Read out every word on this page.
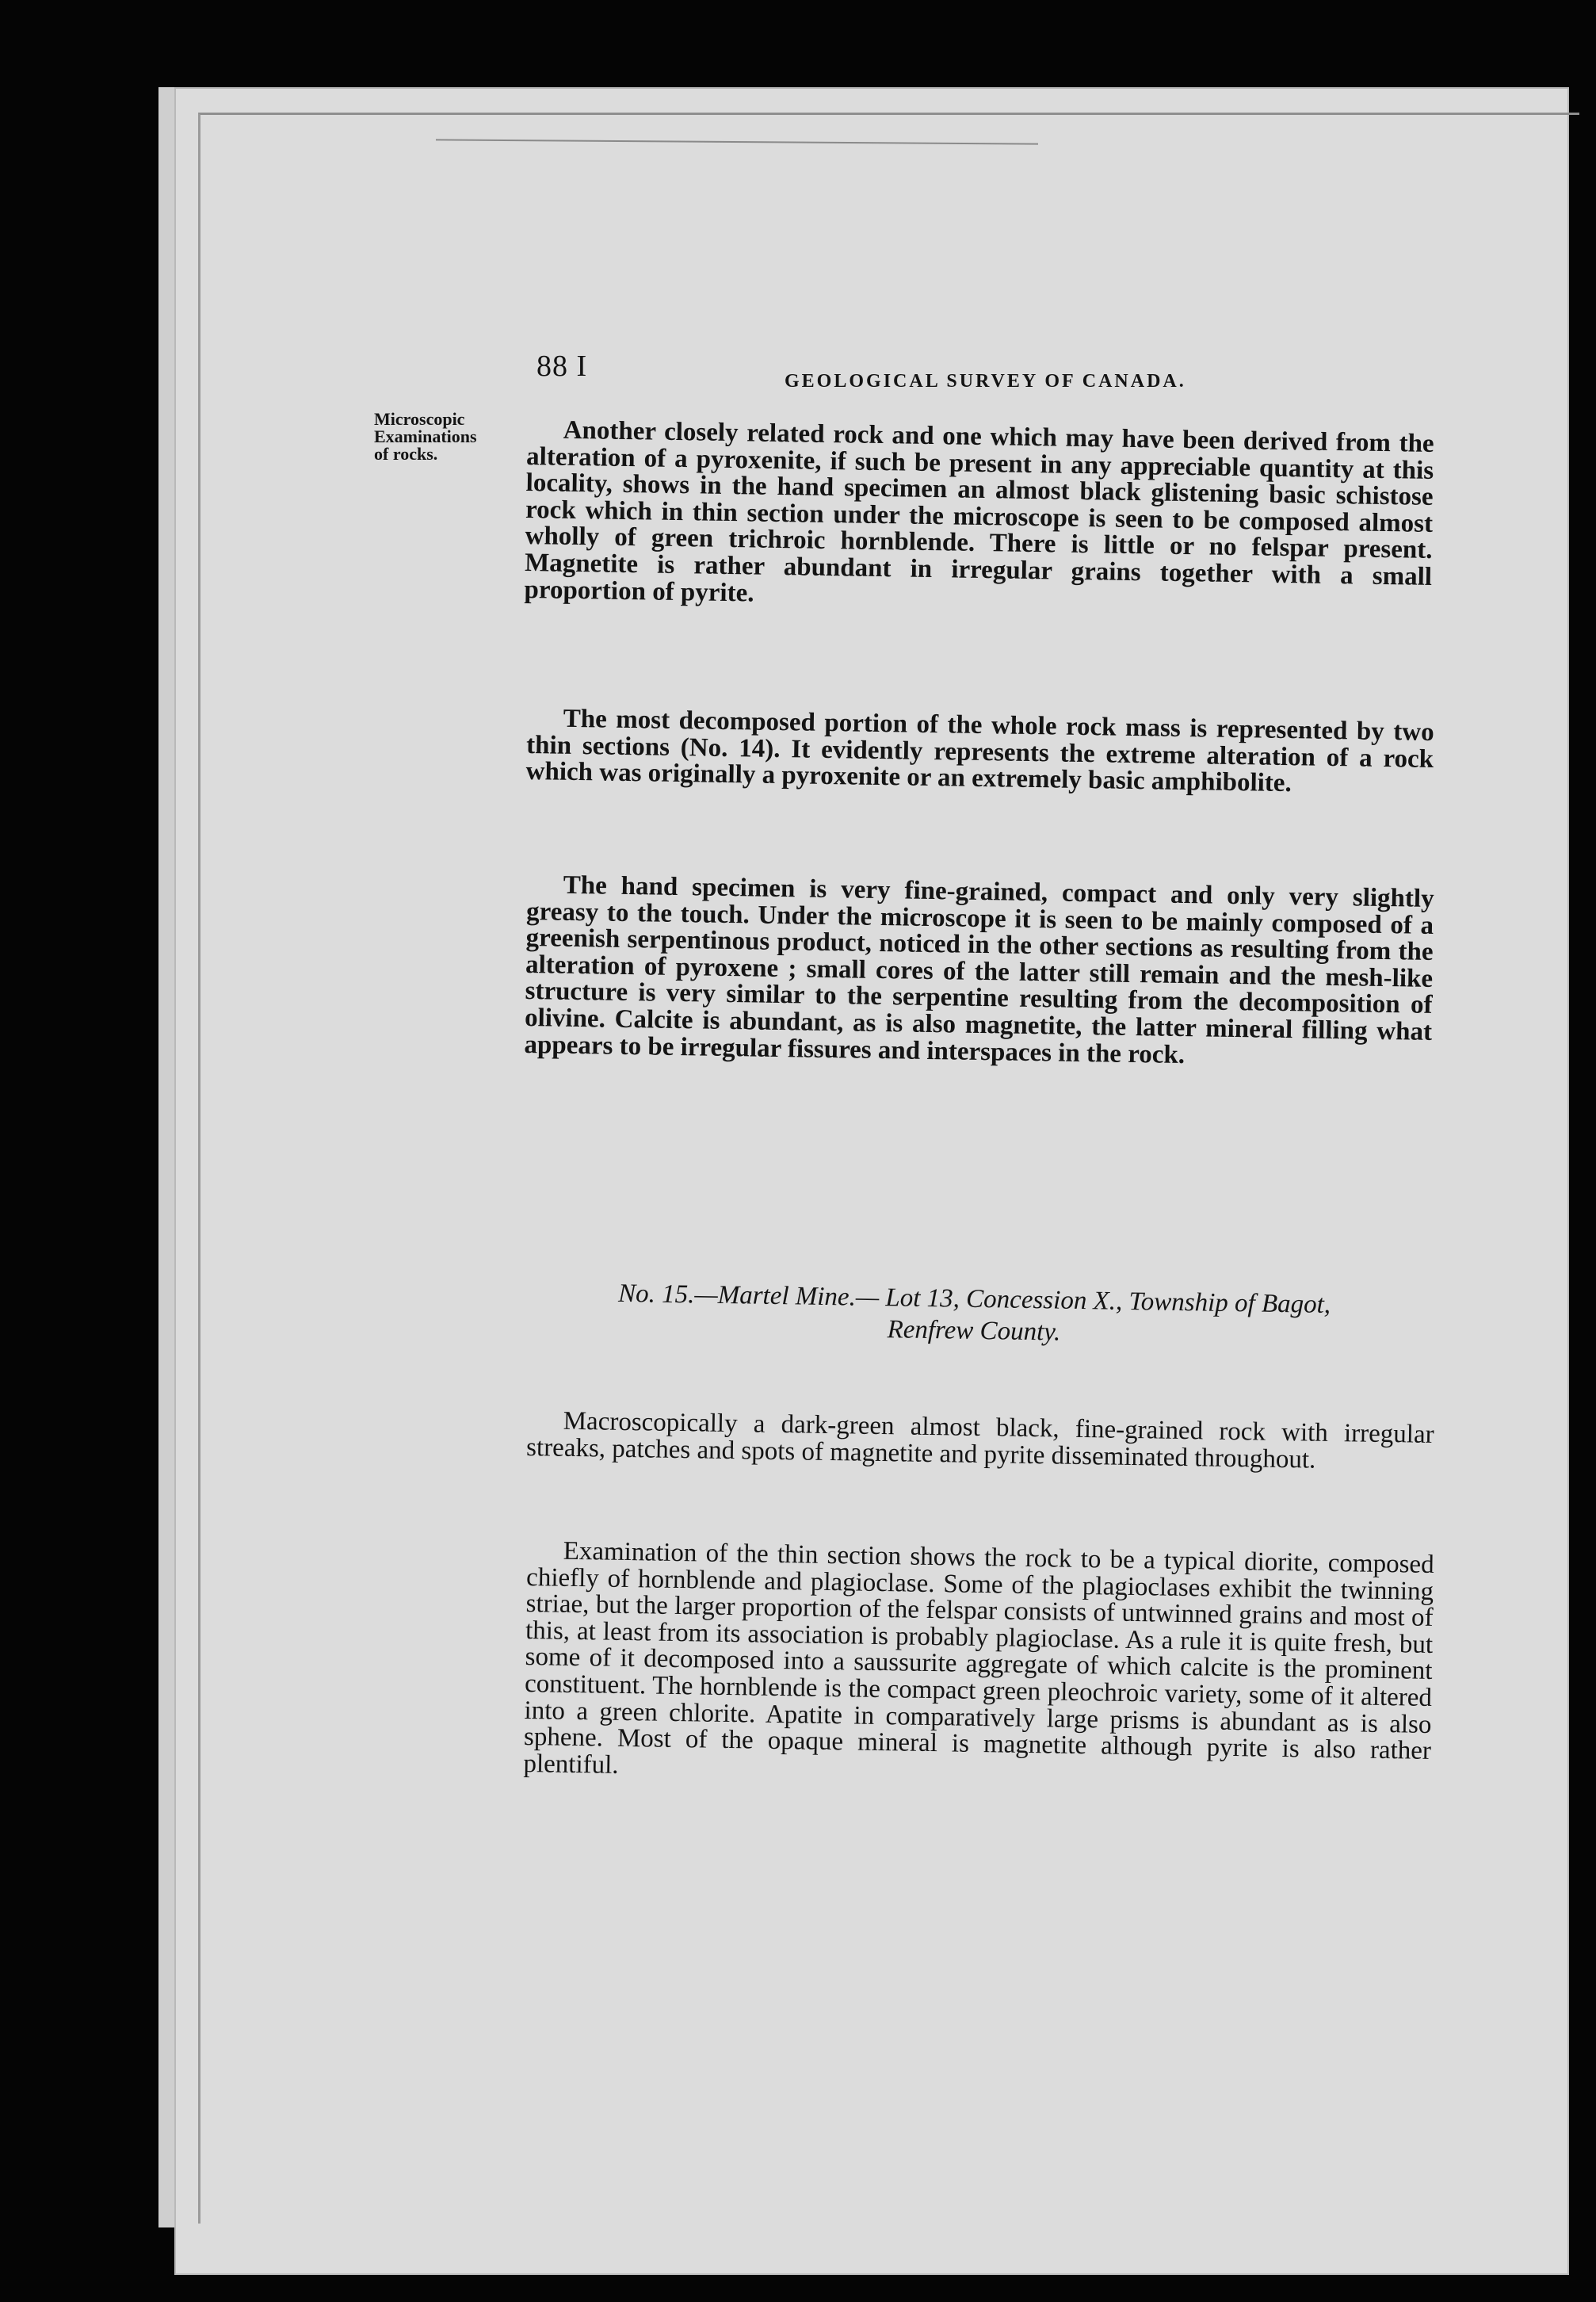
88 I	GEOLOGICAL SURVEY OF CANADA.
Microscopic
Examinations
of rocks.	Another closely related rock and one which may have been derived from the alteration of a pyroxenite, if such be present in any appreciable quantity at this locality, shows in the hand specimen an almost black glistening basic schistose rock which in thin section under the microscope is seen to be composed almost wholly of green trichroic hornblende. There is little or no felspar present. Magnetite is rather abundant in irregular grains together with a small proportion of pyrite.

The most decomposed portion of the whole rock mass is represented by two thin sections (No. 14). It evidently represents the extreme alteration of a rock which was originally a pyroxenite or an extremely basic amphibolite.

The hand specimen is very fine-grained, compact and only very slightly greasy to the touch. Under the microscope it is seen to be mainly composed of a greenish serpentinous product, noticed in the other sections as resulting from the alteration of pyroxene ; small cores of the latter still remain and the mesh-like structure is very similar to the serpentine resulting from the decomposition of olivine. Calcite is abundant, as is also magnetite, the latter mineral filling what appears to be irregular fissures and interspaces in the rock.

No. 15.—Martel Mine.— Lot 13, Concession X., Township of Bagot,
Renfrew County.

Macroscopically a dark-green almost black, fine-grained rock with irregular streaks, patches and spots of magnetite and pyrite disseminated throughout.

Examination of the thin section shows the rock to be a typical diorite, composed chiefly of hornblende and plagioclase. Some of the plagioclases exhibit the twinning striae, but the larger proportion of the felspar consists of untwinned grains and most of this, at least from its association is probably plagioclase. As a rule it is quite fresh, but some of it decomposed into a saussurite aggregate of which calcite is the prominent constituent. The hornblende is the compact green pleochroic variety, some of it altered into a green chlorite. Apatite in comparatively large prisms is abundant as is also sphene. Most of the opaque mineral is magnetite although pyrite is also rather plentiful.
